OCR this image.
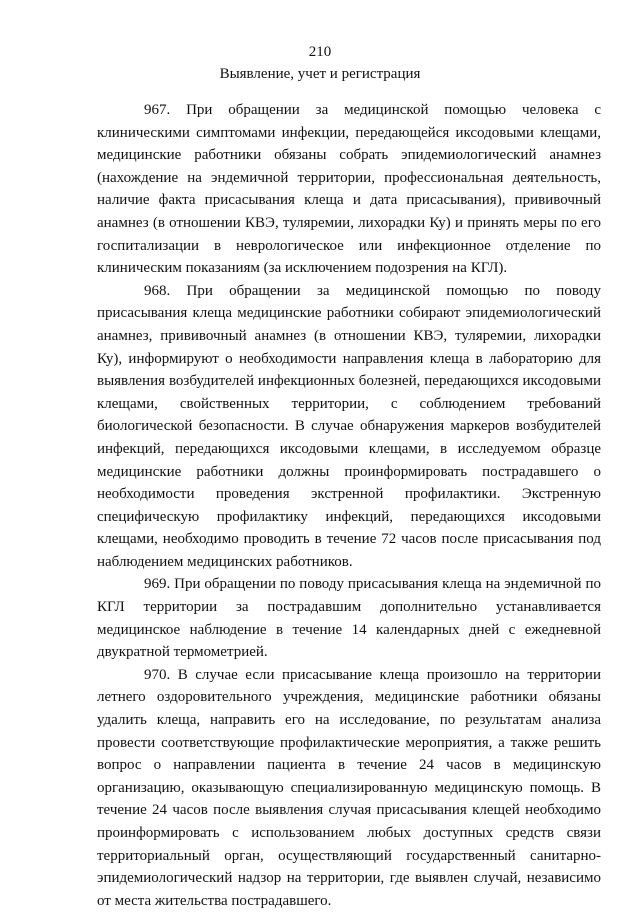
210
Выявление, учет и регистрация

967. При обращении за медицинской помощью человека с клиническими симптомами инфекции, передающейся иксодовыми клещами, медицинские работники обязаны собрать эпидемиологический анамнез (нахождение на эндемичной территории, профессиональная деятельность, наличие факта присасывания клеща и дата присасывания), прививочный анамнез (в отношении КВЭ, туляремии, лихорадки Ку) и принять меры по его госпитализации в неврологическое или инфекционное отделение по клиническим показаниям (за исключением подозрения на КГЛ).

968. При обращении за медицинской помощью по поводу присасывания клеща медицинские работники собирают эпидемиологический анамнез, прививочный анамнез (в отношении КВЭ, туляремии, лихорадки Ку), информируют о необходимости направления клеща в лабораторию для выявления возбудителей инфекционных болезней, передающихся иксодовыми клещами, свойственных территории, с соблюдением требований биологической безопасности. В случае обнаружения маркеров возбудителей инфекций, передающихся иксодовыми клещами, в исследуемом образце медицинские работники должны проинформировать пострадавшего о необходимости проведения экстренной профилактики. Экстренную специфическую профилактику инфекций, передающихся иксодовыми клещами, необходимо проводить в течение 72 часов после присасывания под наблюдением медицинских работников.

969. При обращении по поводу присасывания клеща на эндемичной по КГЛ территории за пострадавшим дополнительно устанавливается медицинское наблюдение в течение 14 календарных дней с ежедневной двукратной термометрией.

970. В случае если присасывание клеща произошло на территории летнего оздоровительного учреждения, медицинские работники обязаны удалить клеща, направить его на исследование, по результатам анализа провести соответствующие профилактические мероприятия, а также решить вопрос о направлении пациента в течение 24 часов в медицинскую организацию, оказывающую специализированную медицинскую помощь. В течение 24 часов после выявления случая присасывания клещей необходимо проинформировать с использованием любых доступных средств связи территориальный орган, осуществляющий государственный санитарно-эпидемиологический надзор на территории, где выявлен случай, независимо от места жительства пострадавшего.
